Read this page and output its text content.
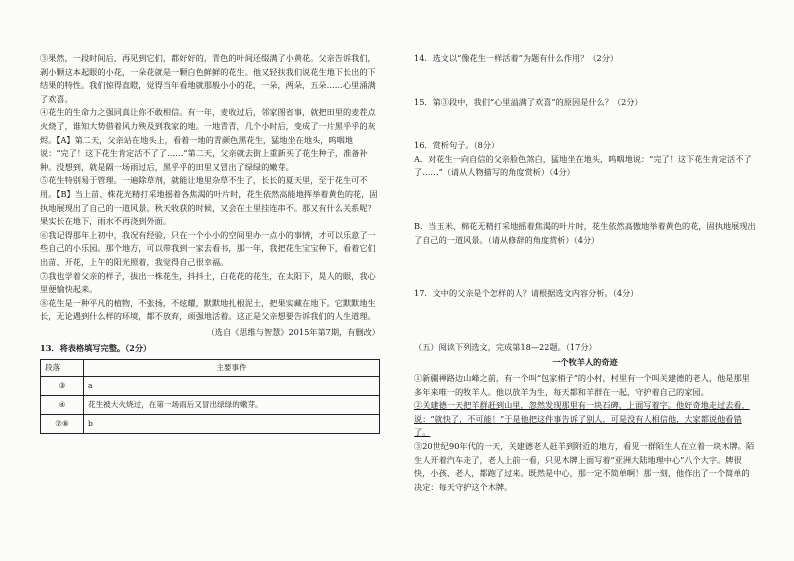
③果然，一段时间后，再见到它们，都好好的，青色的叶间还缀满了小黄花。父亲告诉我们，剥小颗这本起眼的小花，一朵花就是一颗白色鲜鲜的花生。他又轻扶我们说花生地下长出的下结果的特性。我们惊得直瞪，觉得当年看地就那般小小的花，一朵，两朵，五朵……心里涌满了欢喜。

④花生的生命力之强同真让你不敢相信。有一年，麦收过后，邻家图省事，就把田里的麦茬点火烧了，谁知大势借着风力殃及到我家的地。一地青青，几个小时后，变成了一片黑乎乎的灰烬。【A】第二天，父亲站在地头上，看着一地的青颜色黑花生，猛地坐在地头，呜咽地说：“完了！这下花生肯定活不了了……”第二天，父亲就去街上重新买了花生种子，准备补种。没想到，就是隔一场雨过后，黑乎乎的田里又冒出了绿绿的嫩芽。

⑤花生特别易于管理。一遍除草剂，就能让地里杂草不生了，长长的夏天里，至于花生可不用。【B】当上苗、株花光精打采地摇着各焦渴的叶片时，花生依然高能地挥举着黄色的花，固执地展现出了自己的一道风景。秋天收获的时候，又会在土里挂连串不。那又有什么关系呢？果实长在地下，雨水不再浇到外面。

⑥我记得那年上初中，我况有经验，只在一个小小的空间里办一点小的事情，才可以乐意了一些自己的小乐园。那个地方，可以带我到一家去看书，那一年，我把花生宝宝种下，看着它们出苗、开花，上午的阳光照着，我觉得自己很幸福。

⑦我也学着父亲的样子，拔出一株花生，抖抖土，白花花的花生，在太阳下，晃人的眼，我心里便愉快起来。

⑧花生是一种平凡的植物，不张扬，不炫耀，默默地扎根泥土，把果实藏在地下。它默默地生长，无论遇到什么样的环境，都不放弃，顽强地活着。这正是父亲想要告诉我们的人生道理。

（选自《思维与智慧》2015年第7期，有删改）

13．将表格填写完整。（2分）

段落	主要事件
③	a
④	花生被大火烧过，在第一场雨后又冒出绿绿的嫩芽。
⑦⑧	b

14．选文以“像花生一样活着”为题有什么作用？（2分）

15．第③段中，我们“心里溢满了欢喜”的原因是什么？（2分）

16．赏析句子。（8分）

A．对花生一向自信的父亲脸色煞白，猛地坐在地头，呜咽地说：“完了！这下花生肯定活不了了……”（请从人物描写的角度赏析）（4分）

B．当玉米、棉花无精打采地摇着焦渴的叶片时，花生依然高傲地举着黄色的花，固执地展现出了自己的一道风景。（请从修辞的角度赏析）（4分）

17．文中的父亲是个怎样的人？请根据选文内容分析。（4分）

（五）阅读下列选文，完成第18—22题。（17分）

一个牧羊人的奇迹

①新疆禅路边山峰之前，有一个叫“包家梢子”的小村，村里有一个叫关建德的老人，他是那里多年来唯一的牧羊人。他以放羊为生，每天都和羊群在一起，守护着自己的家园。

②关建德一天把羊群赶到山里，忽然发现那里有一块石碑，上面写着字。他好奇地走过去看，说：“就快了，不可能！”于是他把这件事告诉了别人，可是没有人相信他，大家都说他看错了。

③20世纪90年代的一天，关建德老人赶羊到附近的地方，看见一群陌生人在立着一块木牌。陌生人开着汽车走了，老人上前一看，只见木牌上面写着“亚洲大陆地理中心”八个大字。牌很快，小孩、老人，都跑了过来。既然是中心，那一定不简单啊！那一刻，他作出了一个简单的决定：每天守护这个木牌。
